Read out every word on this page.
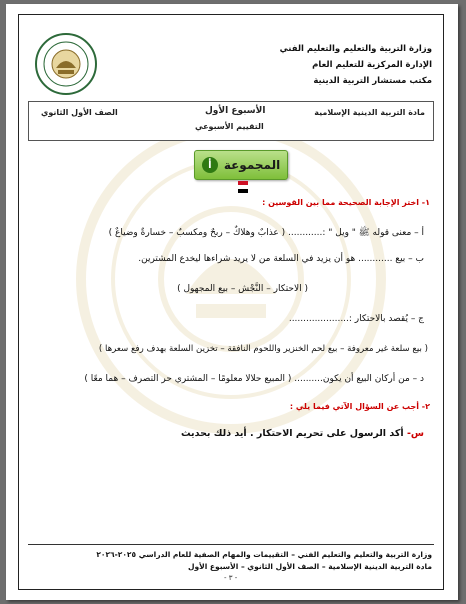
وزارة التربية والتعليم والتعليم الفني
الإدارة المركزية للتعليم العام
مكتب مستشار التربية الدينية
مادة التربية الدينية الإسلامية
الأسبوع الأول
الصف الأول الثانوي
التقييم الأسبوعي
المجموعة
أ
١- اختر الإجابة الصحيحة مما بين القوسين :
أ – معنى قوله ﷺ " ويل " :............ ( عذابٌ وهلاكٌ – ربحٌ ومكسبٌ – خسارةٌ وضياعٌ )
ب – بيع ............ هو أن يزيد في السلعة من لا يريد شراءها ليخدع المشترين.
( الاحتكار – النَّجْش – بيع المجهول )
ج – يُقصد بالاحتكار :.....................
( بيع سلعة غير معروفة – بيع لحم الخنزير واللحوم النافقة – تخزين السلعة بهدف رفع سعرها )
د – من أركان البيع أن يكون.......... ( المبيع حلالا معلومًا – المشتري حر التصرف – هما معًا )
٢- أجب عن السؤال الآتي فيما يلي :
س- أكد الرسول على تحريم الاحتكار . أيد ذلك بحديث
وزارة التربية والتعليم والتعليم الفني – التقييمات والمهام الصفية للعام الدراسي ٢٠٢٥-٢٠٢٦
مادة التربية الدينية الإسلامية – الصف الأول الثانوي – الأسبوع الأول
- ٣ -
